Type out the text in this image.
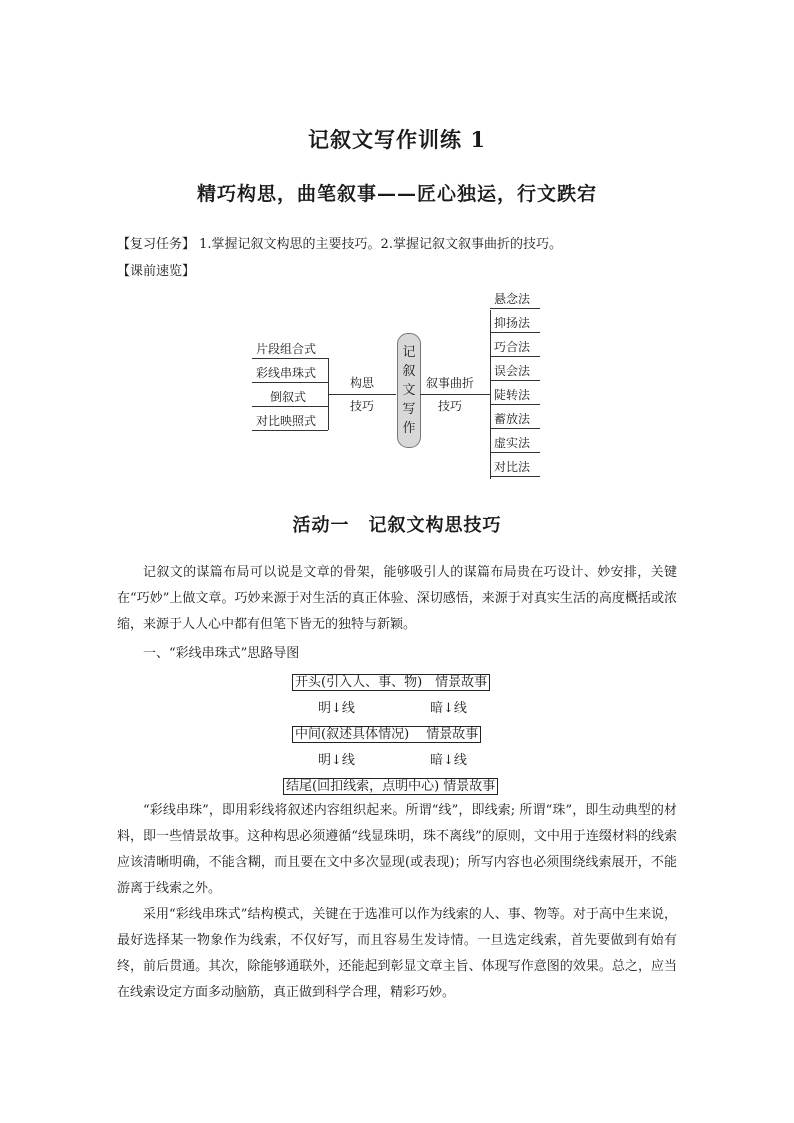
记叙文写作训练 1
精巧构思，曲笔叙事——匠心独运，行文跌宕
【复习任务】 1.掌握记叙文构思的主要技巧。2.掌握记叙文叙事曲折的技巧。
【课前速览】
片段组合式
彩线串珠式
倒叙式
对比映照式
构思
技巧
记
叙
文
写
作
叙事曲折
技巧
悬念法
抑扬法
巧合法
误会法
陡转法
蓄放法
虚实法
对比法
活动一　记叙文构思技巧

记叙文的谋篇布局可以说是文章的骨架，能够吸引人的谋篇布局贵在巧设计、妙安排，关键在“巧妙”上做文章。巧妙来源于对生活的真正体验、深切感悟，来源于对真实生活的高度概括或浓缩，来源于人人心中都有但笔下皆无的独特与新颖。

一、“彩线串珠式”思路导图
开头(引入人、事、物)　情景故事
明↓线	暗↓线
中间(叙述具体情况)　 情景故事
明↓线	暗↓线
结尾(回扣线索，点明中心) 情景故事

“彩线串珠”，即用彩线将叙述内容组织起来。所谓“线”，即线索; 所谓“珠”，即生动典型的材料，即一些情景故事。这种构思必须遵循“线显珠明，珠不离线”的原则，文中用于连缀材料的线索应该清晰明确，不能含糊，而且要在文中多次显现(或表现)；所写内容也必须围绕线索展开，不能游离于线索之外。

采用“彩线串珠式”结构模式，关键在于选准可以作为线索的人、事、物等。对于高中生来说，最好选择某一物象作为线索，不仅好写，而且容易生发诗情。一旦选定线索，首先要做到有始有终，前后贯通。其次，除能够通联外，还能起到彰显文章主旨、体现写作意图的效果。总之，应当在线索设定方面多动脑筋，真正做到科学合理，精彩巧妙。
